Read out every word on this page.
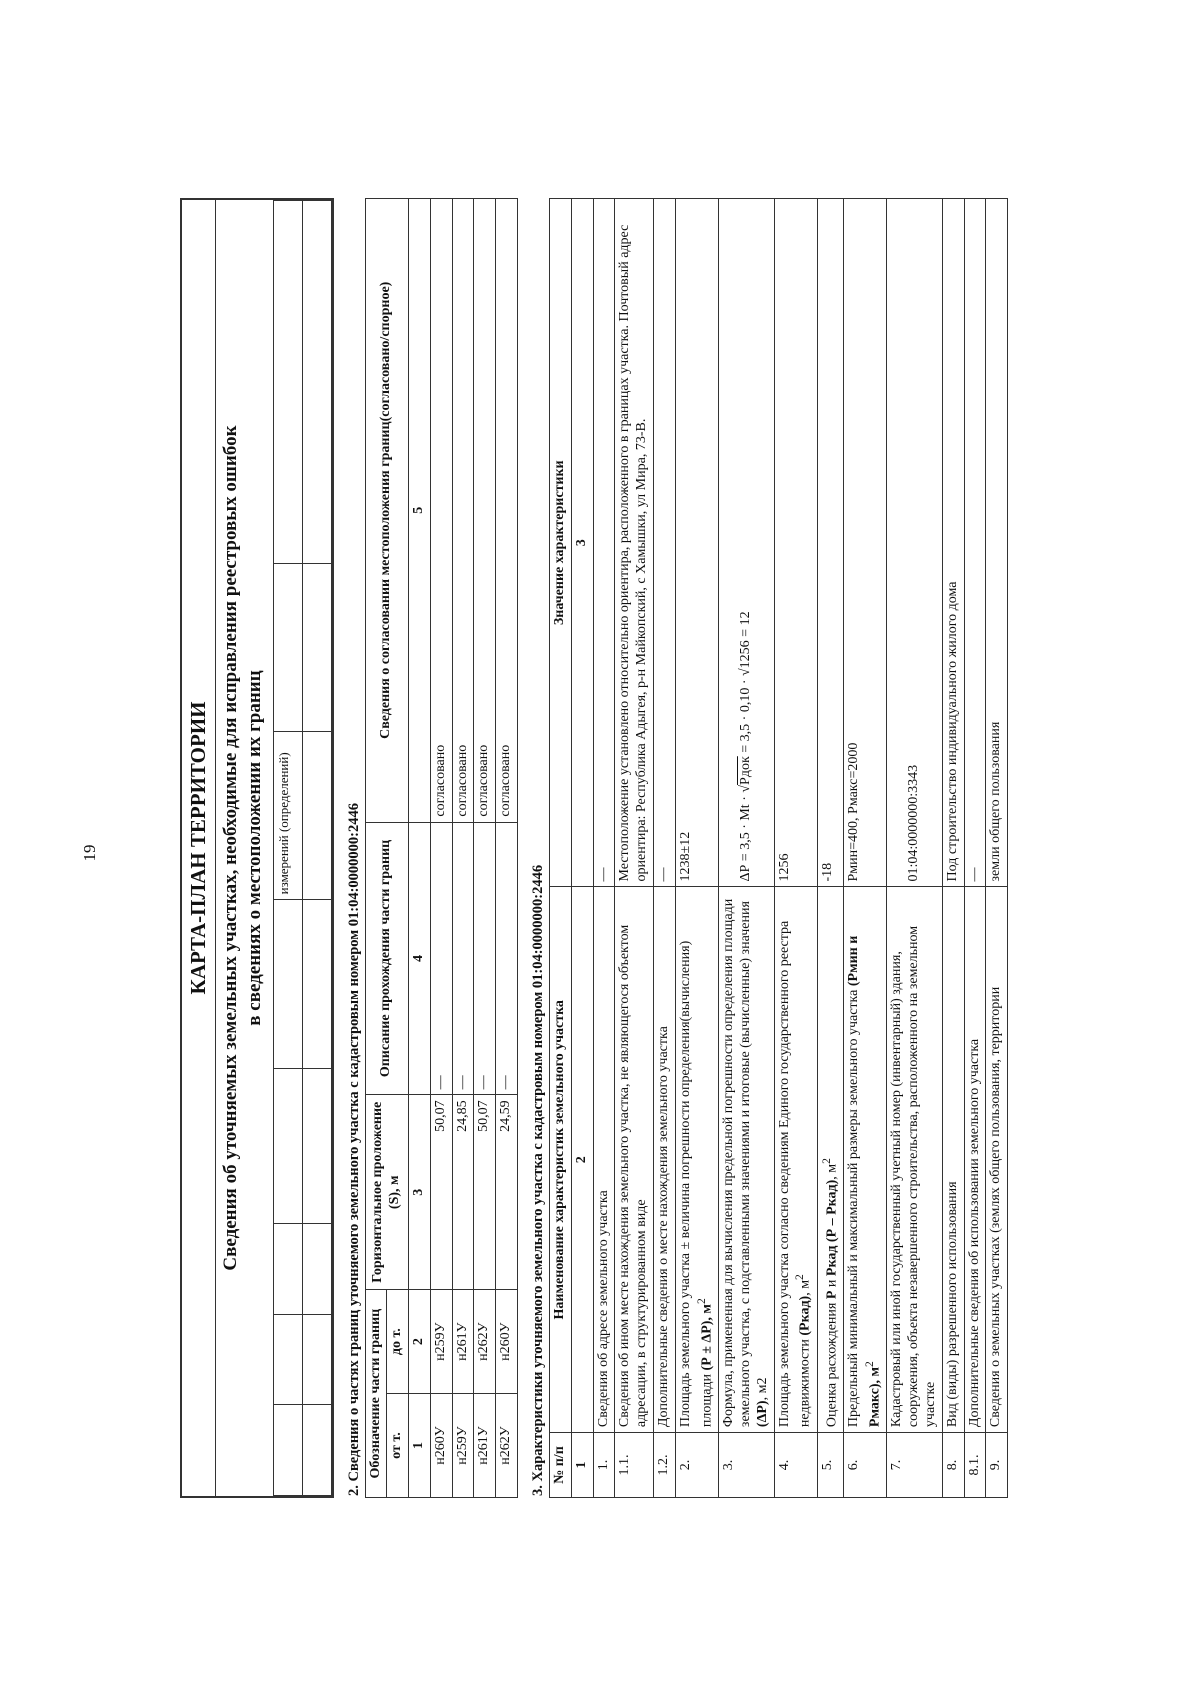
19	КАРТА-ПЛАН ТЕРРИТОРИИ Сведения об уточняемых земельных участках, необходимые для исправления реестровых ошибок в сведениях о местоположении их границ
					измерений (определений)		
								2. Сведения о частях границ уточняемого земельного участка с кадастровым номером 01:04:0000000:2446 Обозначение части границ		Горизонтальное проложение (S), м	Описание прохождения части границ	Сведения о согласовании местоположения границ(согласовано/спорное)
от т.	до т.			
1	2	3	4	5
н260У	н259У	50,07	—	согласовано
н259У	н261У	24,85	—	согласовано
н261У	н262У	50,07	—	согласовано
н262У	н260У	24,59	—	согласовано
3. Характеристики уточняемого земельного участка с кадастровым номером 01:04:0000000:2446 № п/п	Наименование характеристик земельного участка	Значение характеристики
1	2	3
1.	Сведения об адресе земельного участка	—
1.1.	Сведения об ином месте нахождения земельного участка, не являющегося объектом адресации, в структурированном виде	Местоположение установлено относительно ориентира, расположенного в границах участка. Почтовый адрес ориентира: Республика Адыгея, р-н Майкопский, с Хамышки, ул Мира, 73-В.
1.2.	Дополнительные сведения о месте нахождения земельного участка	—
2.	Площадь земельного участка ± величина погрешности определения(вычисления) площади (Р ± ΔР), $м^2$	1238±12
3.	Формула, примененная для вычисления предельной погрешности определения площади земельного участка, с подставленными значениями и итоговые (вычисленные) значения (ΔР), м2	ΔР = 3,5 · Mt · √Pдок = 3,5 · 0,10 · √1256 = 12
4.	Площадь земельного участка согласно сведениям Единого государственного реестра недвижимости (Ркад), $м^2$	1256
5.	Оценка расхождения Р и Ркад (Р – Ркад), $м^2$	-18
6.	Предельный минимальный и максимальный размеры земельного участка (Рмин и Рмакс), $м^2$	Рмин=400, Рмакс=2000
7.	Кадастровый или иной государственный учетный номер (инвентарный) здания, сооружения, объекта незавершенного строительства, расположенного на земельном участке	01:04:0000000:3343
8.	Вид (виды) разрешенного использования	Под строительство индивидуального жилого дома
8.1.	Дополнительные сведения об использовании земельного участка	—
9.	Сведения о земельных участках (землях общего пользования, территории	земли общего пользования
